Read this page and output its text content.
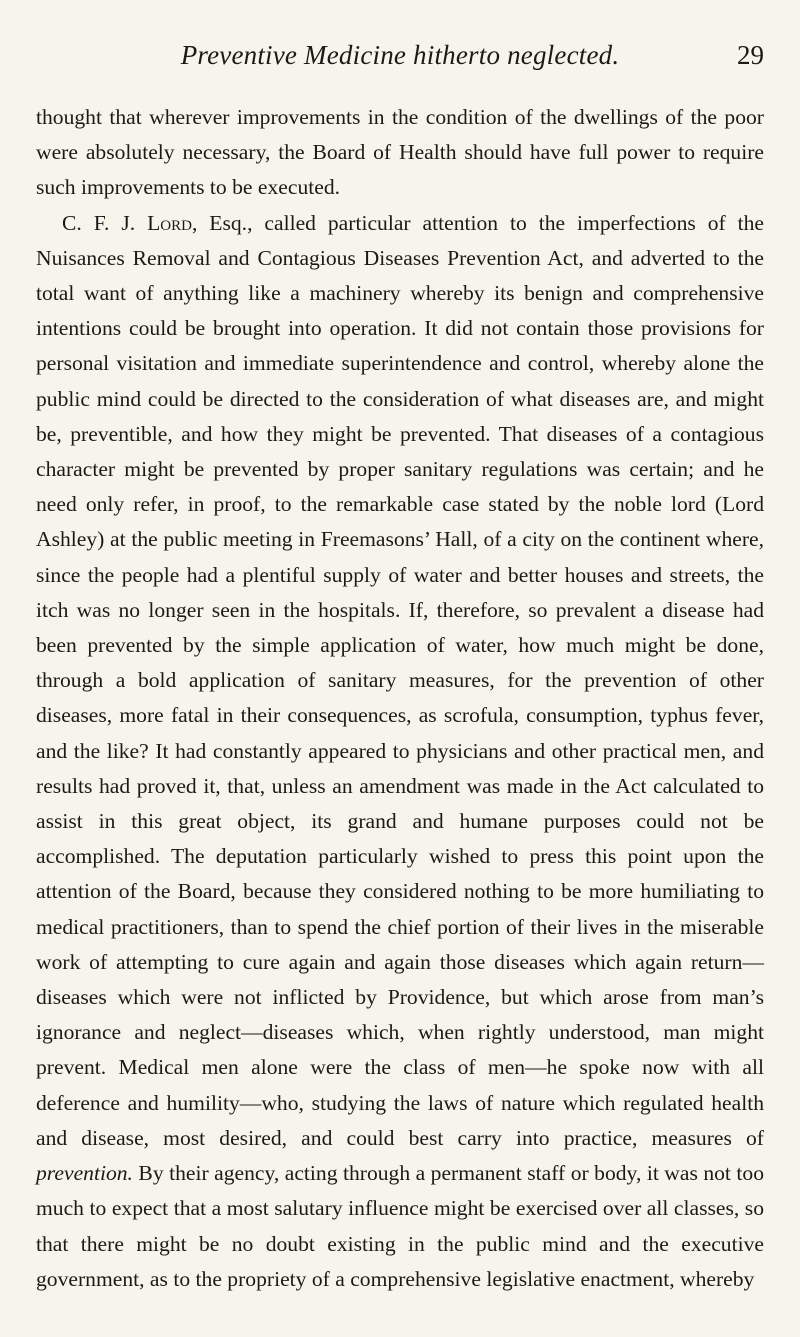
Preventive Medicine hitherto neglected.	29

thought that wherever improvements in the condition of the dwellings of the poor were absolutely necessary, the Board of Health should have full power to require such improvements to be executed.

C. F. J. Lord, Esq., called particular attention to the imperfections of the Nuisances Removal and Contagious Diseases Prevention Act, and adverted to the total want of anything like a machinery whereby its benign and comprehensive intentions could be brought into operation. It did not contain those provisions for personal visitation and immediate superintendence and control, whereby alone the public mind could be directed to the consideration of what diseases are, and might be, preventible, and how they might be prevented. That diseases of a contagious character might be prevented by proper sanitary regulations was certain; and he need only refer, in proof, to the remarkable case stated by the noble lord (Lord Ashley) at the public meeting in Freemasons’ Hall, of a city on the continent where, since the people had a plentiful supply of water and better houses and streets, the itch was no longer seen in the hospitals. If, therefore, so prevalent a disease had been prevented by the simple application of water, how much might be done, through a bold application of sanitary measures, for the prevention of other diseases, more fatal in their consequences, as scrofula, consumption, typhus fever, and the like? It had constantly appeared to physicians and other practical men, and results had proved it, that, unless an amendment was made in the Act calculated to assist in this great object, its grand and humane purposes could not be accomplished. The deputation particularly wished to press this point upon the attention of the Board, because they considered nothing to be more humiliating to medical practitioners, than to spend the chief portion of their lives in the miserable work of attempting to cure again and again those diseases which again return—diseases which were not inflicted by Providence, but which arose from man’s ignorance and neglect—diseases which, when rightly understood, man might prevent. Medical men alone were the class of men—he spoke now with all deference and humility—who, studying the laws of nature which regulated health and disease, most desired, and could best carry into practice, measures of prevention. By their agency, acting through a permanent staff or body, it was not too much to expect that a most salutary influence might be exercised over all classes, so that there might be no doubt existing in the public mind and the executive government, as to the propriety of a comprehensive legislative enactment, whereby
